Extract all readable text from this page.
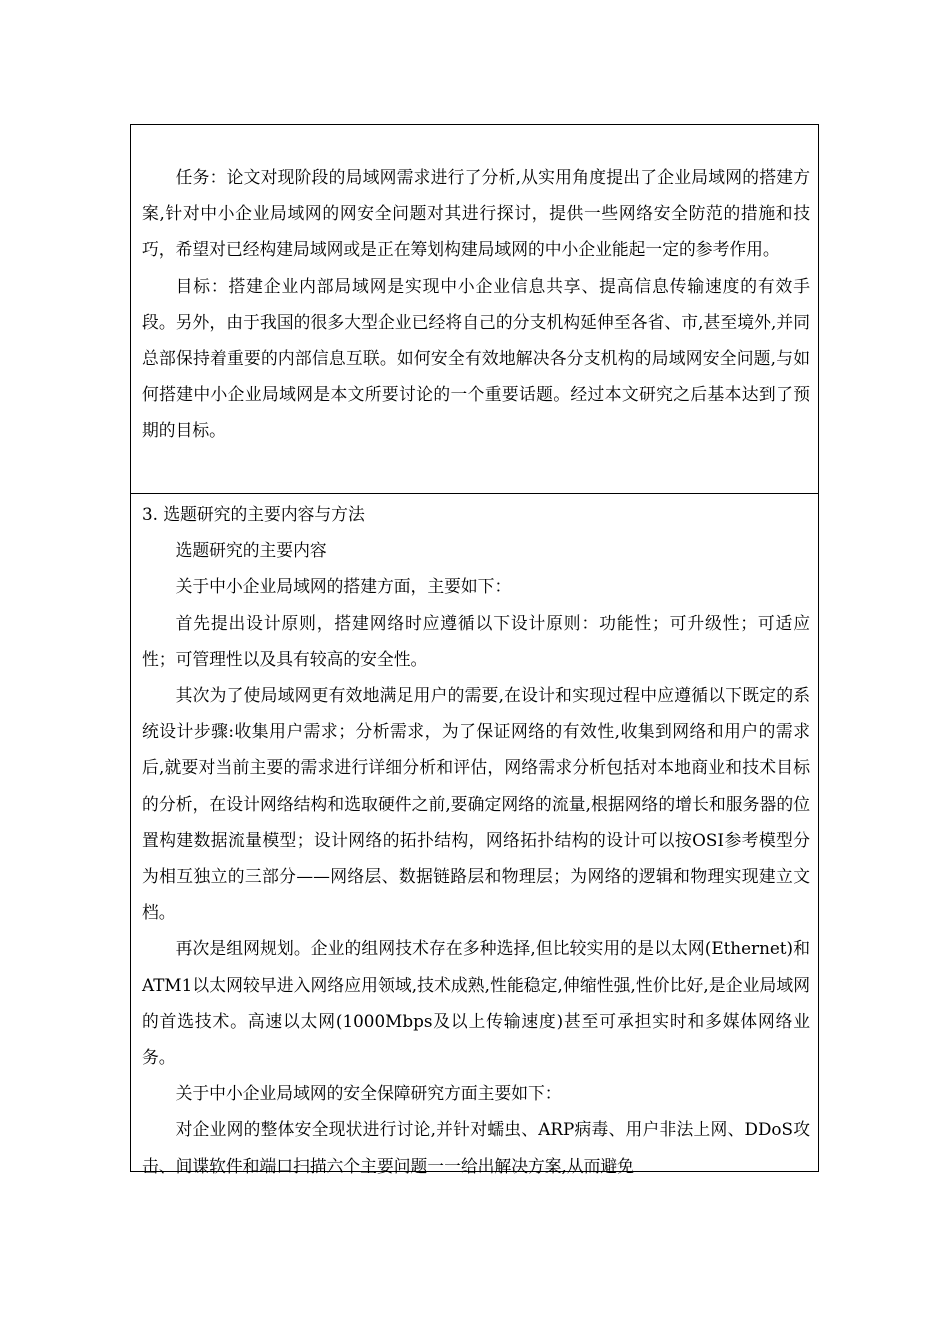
任务：论文对现阶段的局域网需求进行了分析,从实用角度提出了企业局域网的搭建方案,针对中小企业局域网的网安全问题对其进行探讨，提供一些网络安全防范的措施和技巧，希望对已经构建局域网或是正在筹划构建局域网的中小企业能起一定的参考作用。

目标：搭建企业内部局域网是实现中小企业信息共享、提高信息传输速度的有效手段。另外，由于我国的很多大型企业已经将自己的分支机构延伸至各省、市,甚至境外,并同总部保持着重要的内部信息互联。如何安全有效地解决各分支机构的局域网安全问题,与如何搭建中小企业局域网是本文所要讨论的一个重要话题。经过本文研究之后基本达到了预期的目标。

3. 选题研究的主要内容与方法

选题研究的主要内容

关于中小企业局域网的搭建方面，主要如下：

首先提出设计原则，搭建网络时应遵循以下设计原则：功能性；可升级性；可适应性；可管理性以及具有较高的安全性。

其次为了使局域网更有效地满足用户的需要,在设计和实现过程中应遵循以下既定的系统设计步骤:收集用户需求；分析需求，为了保证网络的有效性,收集到网络和用户的需求后,就要对当前主要的需求进行详细分析和评估，网络需求分析包括对本地商业和技术目标的分析，在设计网络结构和选取硬件之前,要确定网络的流量,根据网络的增长和服务器的位置构建数据流量模型；设计网络的拓扑结构，网络拓扑结构的设计可以按OSI参考模型分为相互独立的三部分——网络层、数据链路层和物理层；为网络的逻辑和物理实现建立文档。

再次是组网规划。企业的组网技术存在多种选择,但比较实用的是以太网(Ethernet)和ATM1以太网较早进入网络应用领域,技术成熟,性能稳定,伸缩性强,性价比好,是企业局域网的首选技术。高速以太网(1000Mbps及以上传输速度)甚至可承担实时和多媒体网络业务。

关于中小企业局域网的安全保障研究方面主要如下：

对企业网的整体安全现状进行讨论,并针对蠕虫、ARP病毒、用户非法上网、DDoS攻击、间谍软件和端口扫描六个主要问题一一给出解决方案,从而避免
